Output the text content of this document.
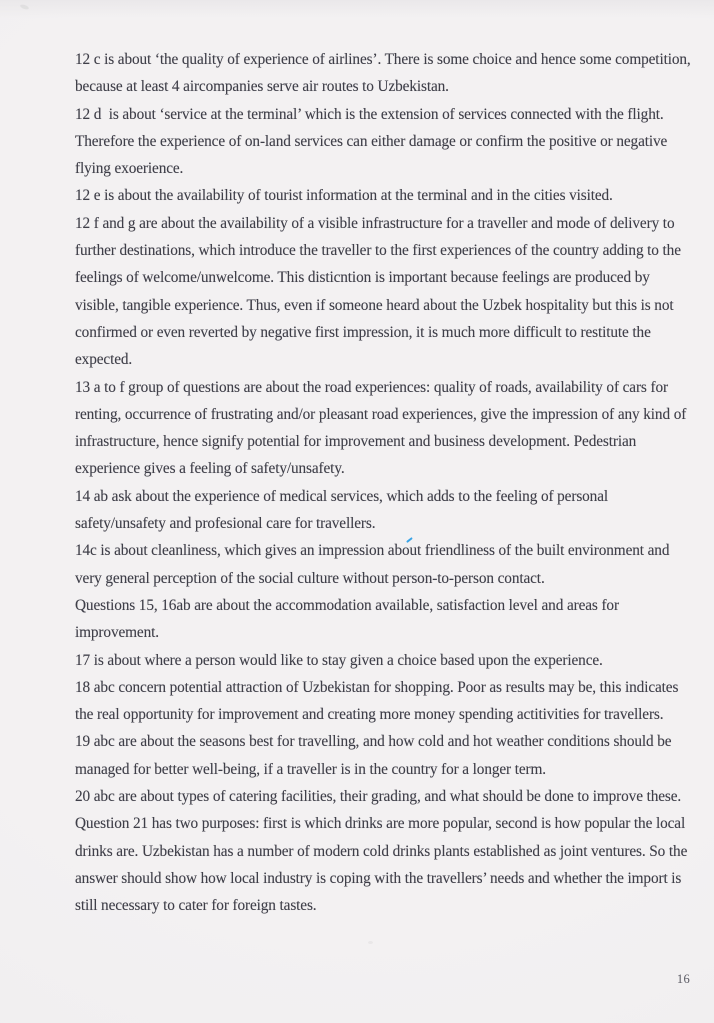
12 c is about ‘the quality of experience of airlines’. There is some choice and hence some competition,
because at least 4 aircompanies serve air routes to Uzbekistan.
12 d  is about ‘service at the terminal’ which is the extension of services connected with the flight.
Therefore the experience of on-land services can either damage or confirm the positive or negative
flying exoerience.
12 e is about the availability of tourist information at the terminal and in the cities visited.
12 f and g are about the availability of a visible infrastructure for a traveller and mode of delivery to
further destinations, which introduce the traveller to the first experiences of the country adding to the
feelings of welcome/unwelcome. This disticntion is important because feelings are produced by
visible, tangible experience. Thus, even if someone heard about the Uzbek hospitality but this is not
confirmed or even reverted by negative first impression, it is much more difficult to restitute the
expected.
13 a to f group of questions are about the road experiences: quality of roads, availability of cars for
renting, occurrence of frustrating and/or pleasant road experiences, give the impression of any kind of
infrastructure, hence signify potential for improvement and business development. Pedestrian
experience gives a feeling of safety/unsafety.
14 ab ask about the experience of medical services, which adds to the feeling of personal
safety/unsafety and profesional care for travellers.
14c is about cleanliness, which gives an impression about friendliness of the built environment and
very general perception of the social culture without person-to-person contact.
Questions 15, 16ab are about the accommodation available, satisfaction level and areas for
improvement.
17 is about where a person would like to stay given a choice based upon the experience.
18 abc concern potential attraction of Uzbekistan for shopping. Poor as results may be, this indicates
the real opportunity for improvement and creating more money spending actitivities for travellers.
19 abc are about the seasons best for travelling, and how cold and hot weather conditions should be
managed for better well-being, if a traveller is in the country for a longer term.
20 abc are about types of catering facilities, their grading, and what should be done to improve these.
Question 21 has two purposes: first is which drinks are more popular, second is how popular the local
drinks are. Uzbekistan has a number of modern cold drinks plants established as joint ventures. So the
answer should show how local industry is coping with the travellers’ needs and whether the import is
still necessary to cater for foreign tastes.
16
